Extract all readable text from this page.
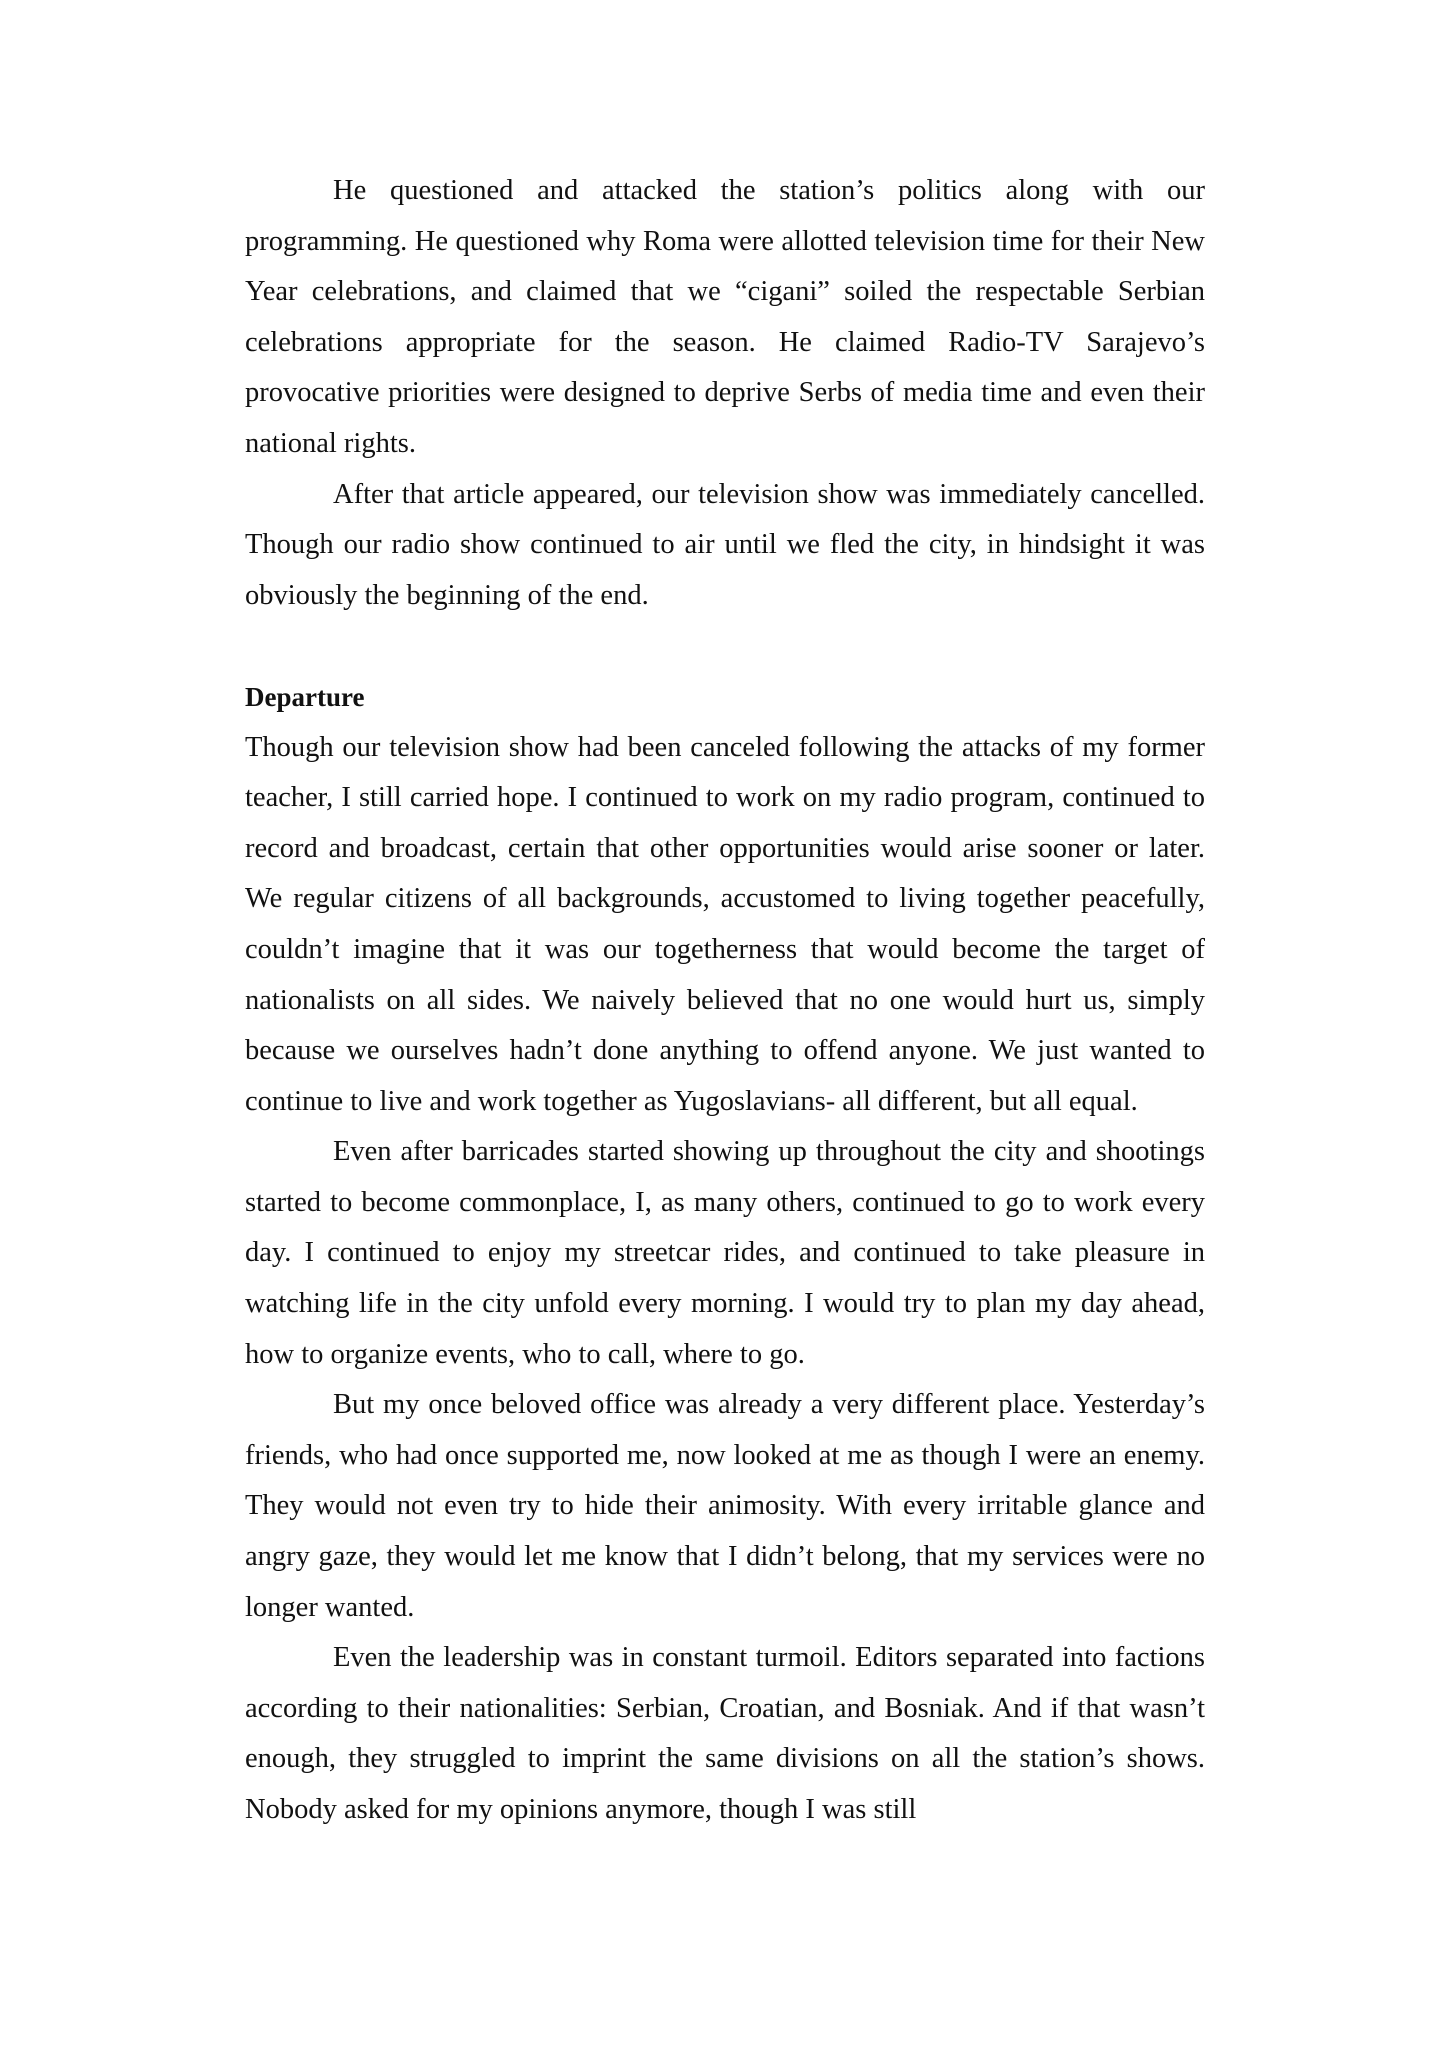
He questioned and attacked the station’s politics along with our programming. He questioned why Roma were allotted television time for their New Year celebrations, and claimed that we “cigani” soiled the respectable Serbian celebrations appropriate for the season. He claimed Radio-TV Sarajevo’s provocative priorities were designed to deprive Serbs of media time and even their national rights.

After that article appeared, our television show was immediately cancelled. Though our radio show continued to air until we fled the city, in hindsight it was obviously the beginning of the end.

Departure

Though our television show had been canceled following the attacks of my former teacher, I still carried hope. I continued to work on my radio program, continued to record and broadcast, certain that other opportunities would arise sooner or later. We regular citizens of all backgrounds, accustomed to living together peacefully, couldn’t imagine that it was our togetherness that would become the target of nationalists on all sides. We naively believed that no one would hurt us, simply because we ourselves hadn’t done anything to offend anyone. We just wanted to continue to live and work together as Yugoslavians- all different, but all equal.

Even after barricades started showing up throughout the city and shootings started to become commonplace, I, as many others, continued to go to work every day. I continued to enjoy my streetcar rides, and continued to take pleasure in watching life in the city unfold every morning. I would try to plan my day ahead, how to organize events, who to call, where to go.

But my once beloved office was already a very different place. Yesterday’s friends, who had once supported me, now looked at me as though I were an enemy. They would not even try to hide their animosity. With every irritable glance and angry gaze, they would let me know that I didn’t belong, that my services were no longer wanted.

Even the leadership was in constant turmoil. Editors separated into factions according to their nationalities: Serbian, Croatian, and Bosniak. And if that wasn’t enough, they struggled to imprint the same divisions on all the station’s shows. Nobody asked for my opinions anymore, though I was still
